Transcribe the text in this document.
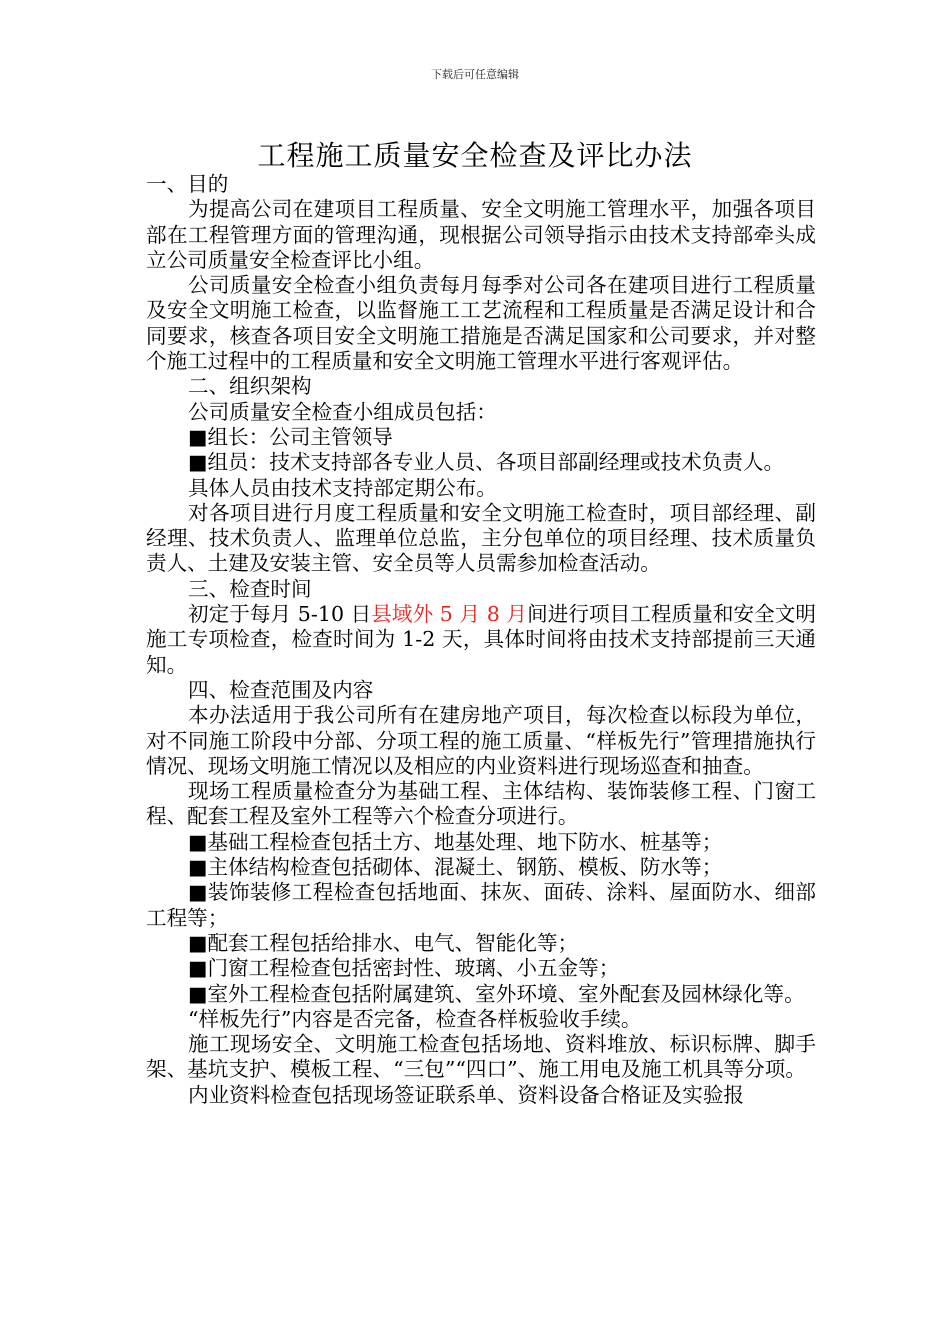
下载后可任意编辑
工程施工质量安全检查及评比办法

一、目的

为提高公司在建项目工程质量、安全文明施工管理水平，加强各项目部在工程管理方面的管理沟通，现根据公司领导指示由技术支持部牵头成立公司质量安全检查评比小组。

公司质量安全检查小组负责每月每季对公司各在建项目进行工程质量及安全文明施工检查，以监督施工工艺流程和工程质量是否满足设计和合同要求，核查各项目安全文明施工措施是否满足国家和公司要求，并对整个施工过程中的工程质量和安全文明施工管理水平进行客观评估。

二、组织架构

公司质量安全检查小组成员包括：

■组长：公司主管领导

■组员：技术支持部各专业人员、各项目部副经理或技术负责人。

具体人员由技术支持部定期公布。

对各项目进行月度工程质量和安全文明施工检查时，项目部经理、副经理、技术负责人、监理单位总监，主分包单位的项目经理、技术质量负责人、土建及安装主管、安全员等人员需参加检查活动。

三、检查时间

初定于每月 5-10 日县域外 5 月 8 月间进行项目工程质量和安全文明施工专项检查，检查时间为 1-2 天，具体时间将由技术支持部提前三天通知。

四、检查范围及内容

本办法适用于我公司所有在建房地产项目，每次检查以标段为单位，对不同施工阶段中分部、分项工程的施工质量、“样板先行”管理措施执行情况、现场文明施工情况以及相应的内业资料进行现场巡查和抽查。

现场工程质量检查分为基础工程、主体结构、装饰装修工程、门窗工程、配套工程及室外工程等六个检查分项进行。

■基础工程检查包括土方、地基处理、地下防水、桩基等；

■主体结构检查包括砌体、混凝土、钢筋、模板、防水等；

■装饰装修工程检查包括地面、抹灰、面砖、涂料、屋面防水、细部工程等；

■配套工程包括给排水、电气、智能化等；

■门窗工程检查包括密封性、玻璃、小五金等；

■室外工程检查包括附属建筑、室外环境、室外配套及园林绿化等。

“样板先行”内容是否完备，检查各样板验收手续。

施工现场安全、文明施工检查包括场地、资料堆放、标识标牌、脚手架、基坑支护、模板工程、“三包”“四口”、施工用电及施工机具等分项。

内业资料检查包括现场签证联系单、资料设备合格证及实验报
